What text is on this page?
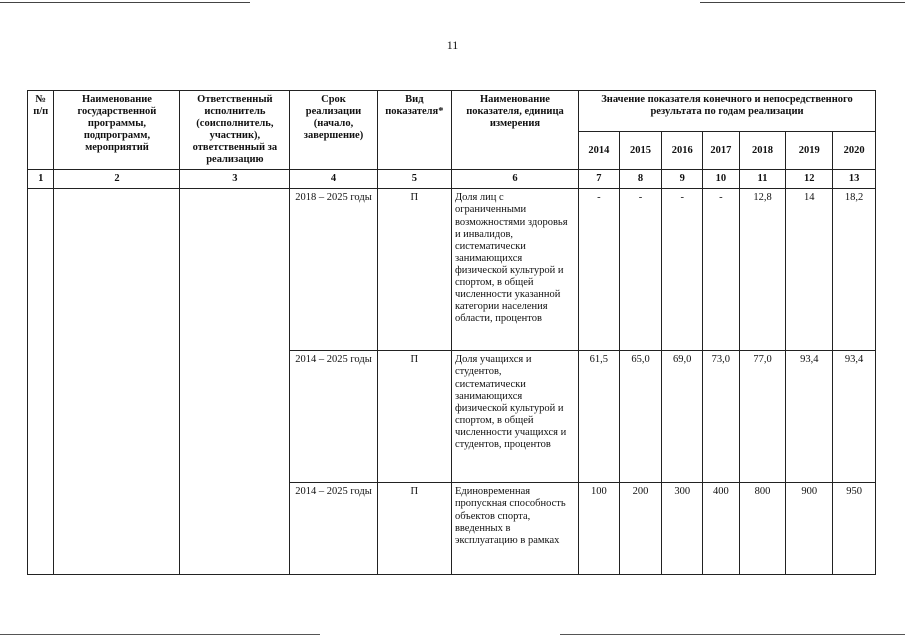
11
№ п/п	Наименование государственной программы, подпрограмм, мероприятий	Ответственный исполнитель (соисполнитель, участник), ответственный за реализацию	Срок реализации (начало, завершение)	Вид показателя*	Наименование показателя, единица измерения	Значение показателя конечного и непосредственного результата по годам реализации						
						2014	2015	2016	2017	2018	2019	2020
1	2	3	4	5	6	7	8	9	10	11	12	13
			2018 – 2025 годы	П	Доля лиц с ограниченными возможностями здоровья и инвалидов, систематически занимающихся физической культурой и спортом, в общей численности указанной категории населения области, процентов	-	-	-	-	12,8	14	18,2
			2014 – 2025 годы	П	Доля учащихся и студентов, систематически занимающихся физической культурой и спортом, в общей численности учащихся и студентов, процентов	61,5	65,0	69,0	73,0	77,0	93,4	93,4
			2014 – 2025 годы	П	Единовременная пропускная способность объектов спорта, введенных в эксплуатацию в рамках	100	200	300	400	800	900	950
